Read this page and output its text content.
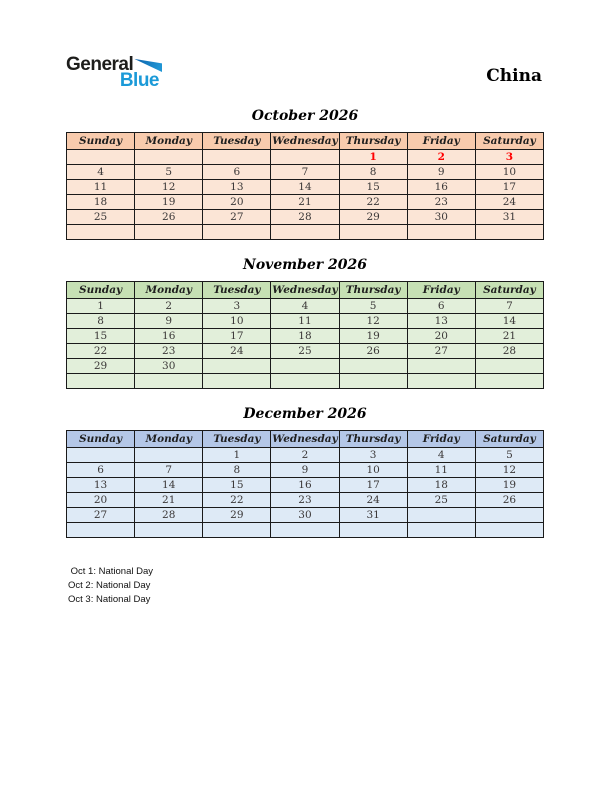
General
Blue	China
October 2026
Sunday	Monday	Tuesday	Wednesday	Thursday	Friday	Saturday
				1	2	3
4	5	6	7	8	9	10
11	12	13	14	15	16	17
18	19	20	21	22	23	24
25	26	27	28	29	30	31

November 2026
Sunday	Monday	Tuesday	Wednesday	Thursday	Friday	Saturday
1	2	3	4	5	6	7
8	9	10	11	12	13	14
15	16	17	18	19	20	21
22	23	24	25	26	27	28
29	30					

December 2026
Sunday	Monday	Tuesday	Wednesday	Thursday	Friday	Saturday
		1	2	3	4	5
6	7	8	9	10	11	12
13	14	15	16	17	18	19
20	21	22	23	24	25	26
27	28	29	30	31		

Oct 1: National Day
Oct 2: National Day
Oct 3: National Day
